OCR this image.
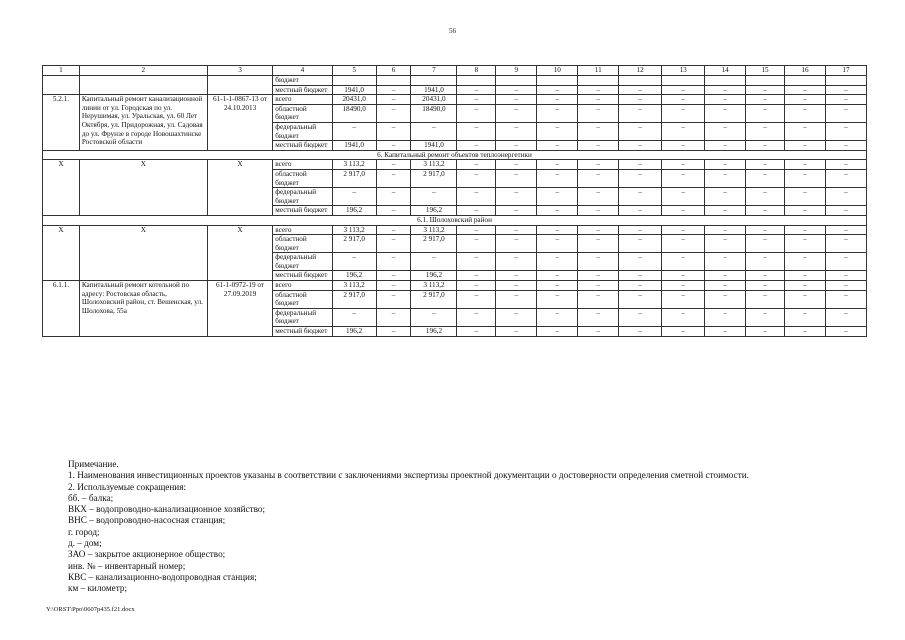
56
1	2	3	4	5	6	7	8	9	10	11	12	13	14	15	16	17
			бюджет													
			местный бюджет	1941,0	–	1941,0	–	–	–	–	–	–	–	–	–	–
5.2.1.	Капитальный ремонт канализационной линии от ул. Городская по ул. Нерушимая, ул. Уральская, ул. 60 Лет Октября, ул. Придорожная, ул. Садовая до ул. Фрунзе в городе Новошахтинске Ростовской области	61-1-1-0867-13 от 24.10.2013	всего	20431,0	–	20431,0	–	–	–	–	–	–	–	–	–	–
			областной бюджет	18490,0	–	18490,0	–	–	–	–	–	–	–	–	–	–
			федеральный бюджет	–	–	–	–	–	–	–	–	–	–	–	–	–
			местный бюджет	1941,0	–	1941,0	–	–	–	–	–	–	–	–	–	–
6. Капитальный ремонт объектов теплоэнергетики																
Х	Х	Х	всего	3 113,2	–	3 113,2	–	–	–	–	–	–	–	–	–	–
			областной бюджет	2 917,0	–	2 917,0	–	–	–	–	–	–	–	–	–	–
			федеральный бюджет	–	–	–	–	–	–	–	–	–	–	–	–	–
			местный бюджет	196,2	–	196,2	–	–	–	–	–	–	–	–	–	–
6.1. Шолоховский район																
Х	Х	Х	всего	3 113,2	–	3 113,2	–	–	–	–	–	–	–	–	–	–
			областной бюджет	2 917,0	–	2 917,0	–	–	–	–	–	–	–	–	–	–
			федеральный бюджет	–	–	–	–	–	–	–	–	–	–	–	–	–
			местный бюджет	196,2	–	196,2	–	–	–	–	–	–	–	–	–	–
6.1.1.	Капитальный ремонт котельной по адресу: Ростовская область, Шолоховский район, ст. Вешенская, ул. Шолохова, 55а	61-1-0972-19 от 27.09.2019	всего	3 113,2	–	3 113,2	–	–	–	–	–	–	–	–	–	–
			областной бюджет	2 917,0	–	2 917,0	–	–	–	–	–	–	–	–	–	–
			федеральный бюджет	–	–	–	–	–	–	–	–	–	–	–	–	–
			местный бюджет	196,2	–	196,2	–	–	–	–	–	–	–	–	–	–
Примечание.
1. Наименования инвестиционных проектов указаны в соответствии с заключениями экспертизы проектной документации о достоверности определения сметной стоимости.
2. Используемые сокращения:
бб. – балка;
ВКХ – водопроводно-канализационное хозяйство;
ВНС – водопроводно-насосная станция;
г. город;
д. – дом;
ЗАО – закрытое акционерное общество;
инв. № – инвентарный номер;
КВС – канализационно-водопроводная станция;
км – километр;
Y:\ORST\Ppo\0607p435.f21.docx
